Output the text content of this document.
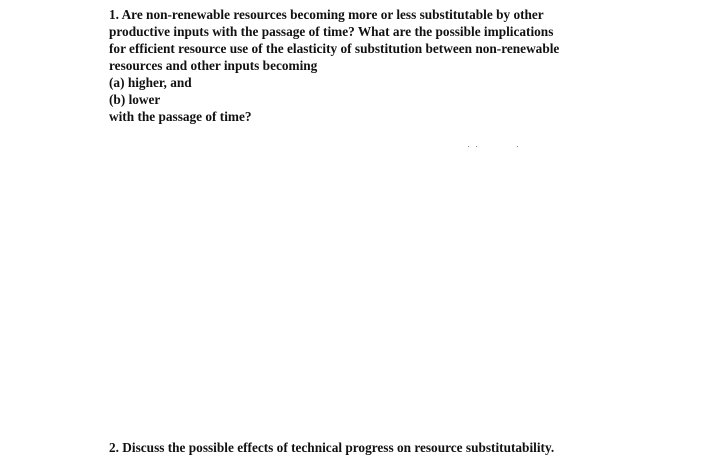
1. Are non-renewable resources becoming more or less substitutable by other
productive inputs with the passage of time? What are the possible implications
for efficient resource use of the elasticity of substitution between non-renewable
resources and other inputs becoming
(a) higher, and
(b) lower
with the passage of time?
2. Discuss the possible effects of technical progress on resource substitutability.
